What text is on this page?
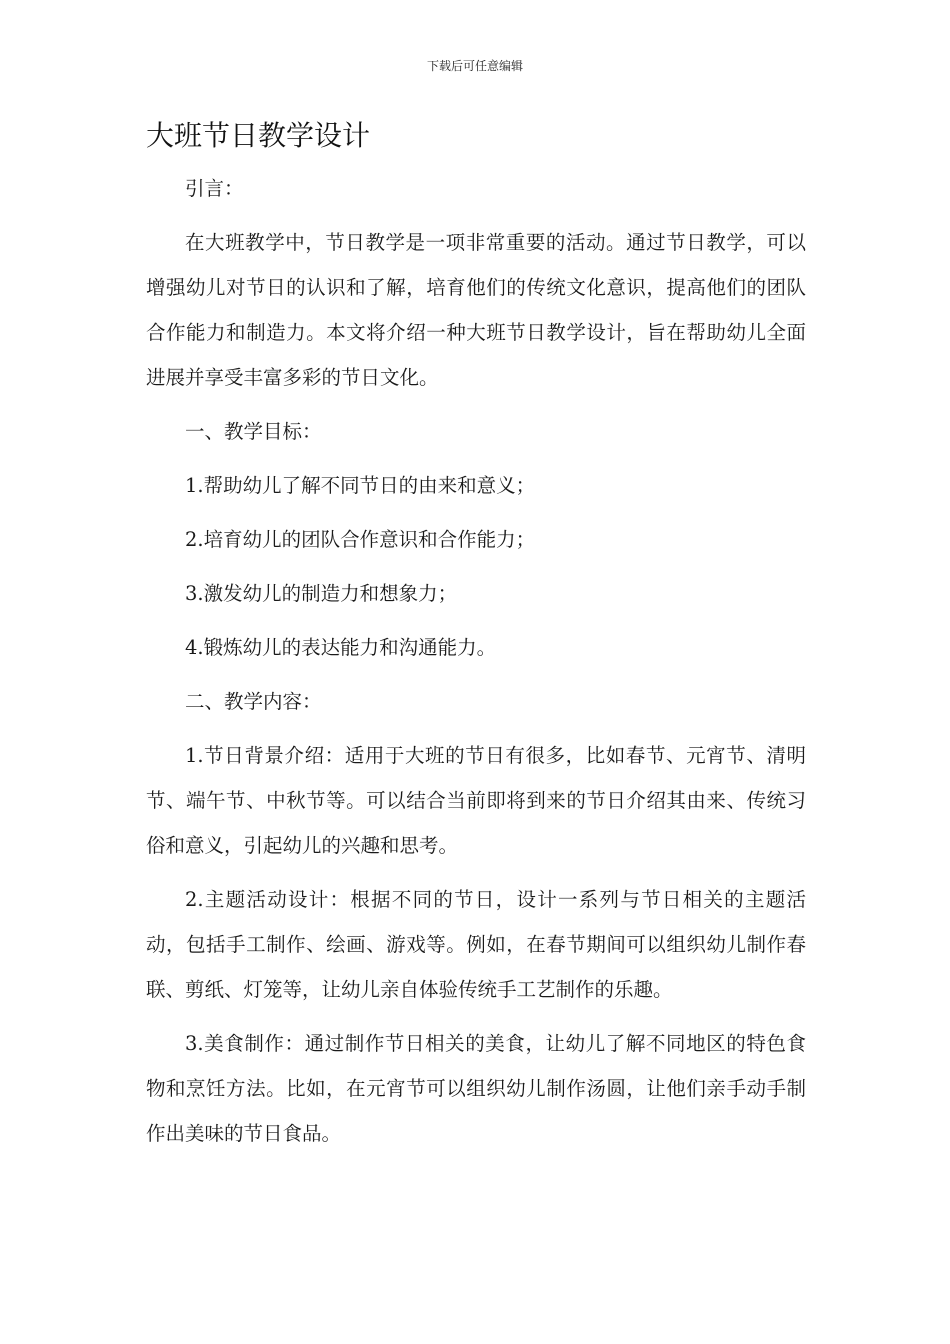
下载后可任意编辑
大班节日教学设计

引言：

在大班教学中，节日教学是一项非常重要的活动。通过节日教学，可以增强幼儿对节日的认识和了解，培育他们的传统文化意识，提高他们的团队合作能力和制造力。本文将介绍一种大班节日教学设计，旨在帮助幼儿全面进展并享受丰富多彩的节日文化。

一、教学目标：

1.帮助幼儿了解不同节日的由来和意义；

2.培育幼儿的团队合作意识和合作能力；

3.激发幼儿的制造力和想象力；

4.锻炼幼儿的表达能力和沟通能力。

二、教学内容：

1.节日背景介绍：适用于大班的节日有很多，比如春节、元宵节、清明节、端午节、中秋节等。可以结合当前即将到来的节日介绍其由来、传统习俗和意义，引起幼儿的兴趣和思考。

2.主题活动设计：根据不同的节日，设计一系列与节日相关的主题活动，包括手工制作、绘画、游戏等。例如，在春节期间可以组织幼儿制作春联、剪纸、灯笼等，让幼儿亲自体验传统手工艺制作的乐趣。

3.美食制作：通过制作节日相关的美食，让幼儿了解不同地区的特色食物和烹饪方法。比如，在元宵节可以组织幼儿制作汤圆，让他们亲手动手制作出美味的节日食品。
